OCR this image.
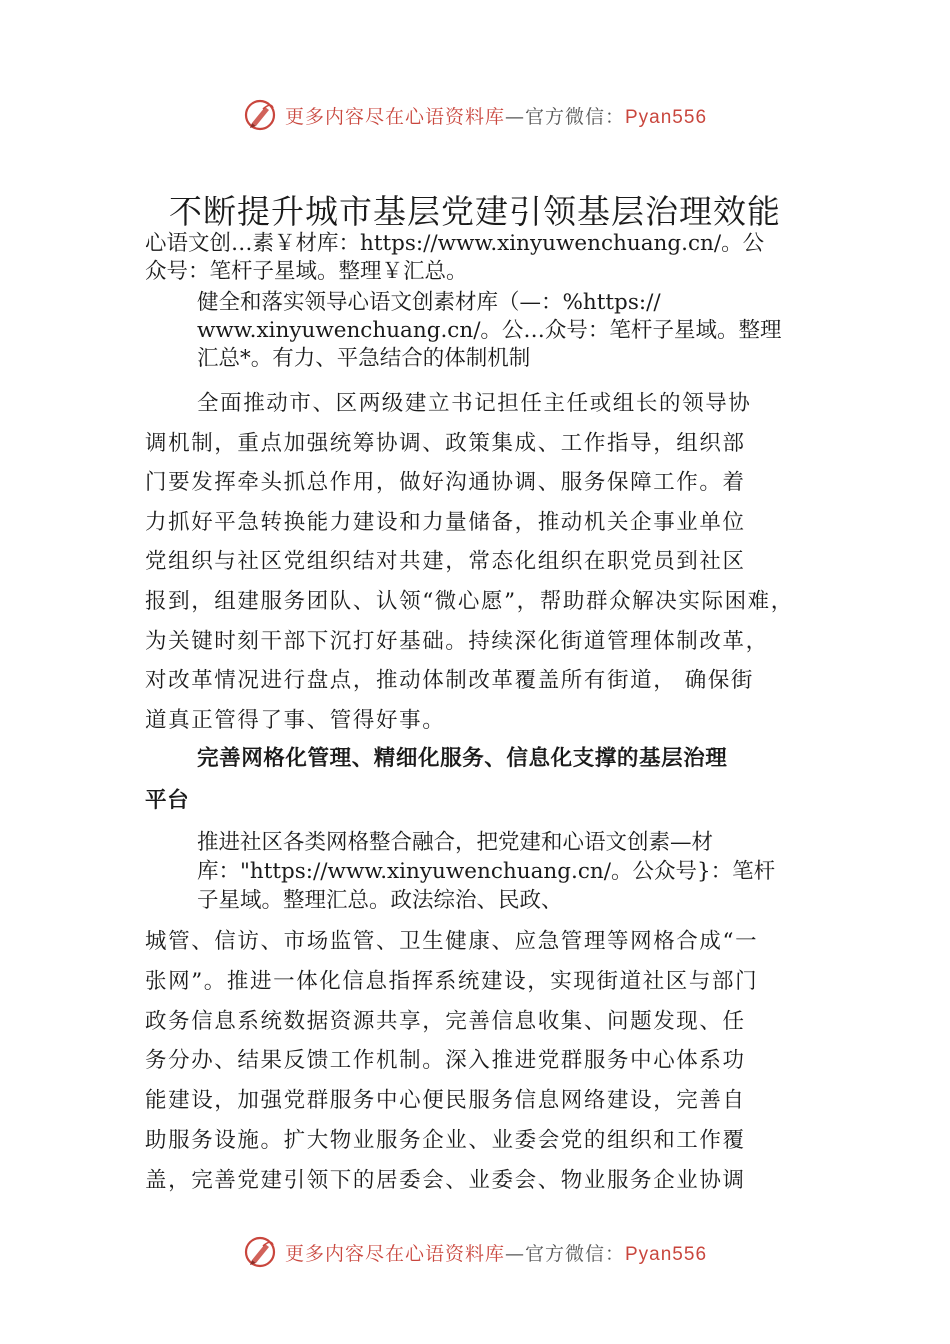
更多内容尽在心语资料库—官方微信：Pyan556
不断提升城市基层党建引领基层治理效能
心语文创…素￥材库：https://www.xinyuwenchuang.cn/。公
众号：笔杆子星域。整理￥汇总。
健全和落实领导心语文创素材库（—：%https://
www.xinyuwenchuang.cn/。公…众号：笔杆子星域。整理
汇总*。有力、平急结合的体制机制
全面推动市、区两级建立书记担任主任或组长的领导协
调机制，重点加强统筹协调、政策集成、工作指导，组织部
门要发挥牵头抓总作用，做好沟通协调、服务保障工作。着
力抓好平急转换能力建设和力量储备，推动机关企事业单位
党组织与社区党组织结对共建，常态化组织在职党员到社区
报到，组建服务团队、认领“微心愿”，帮助群众解决实际困难，
为关键时刻干部下沉打好基础。持续深化街道管理体制改革，
对改革情况进行盘点，推动体制改革覆盖所有街道， 确保街
道真正管得了事、管得好事。
完善网格化管理、精细化服务、信息化支撑的基层治理
平台
推进社区各类网格整合融合，把党建和心语文创素—材
库："https://www.xinyuwenchuang.cn/。公众号}：笔杆
子星域。整理汇总。政法综治、民政、
城管、信访、市场监管、卫生健康、应急管理等网格合成“一
张网”。推进一体化信息指挥系统建设，实现街道社区与部门
政务信息系统数据资源共享，完善信息收集、问题发现、任
务分办、结果反馈工作机制。深入推进党群服务中心体系功
能建设，加强党群服务中心便民服务信息网络建设，完善自
助服务设施。扩大物业服务企业、业委会党的组织和工作覆
盖，完善党建引领下的居委会、业委会、物业服务企业协调
更多内容尽在心语资料库—官方微信：Pyan556
